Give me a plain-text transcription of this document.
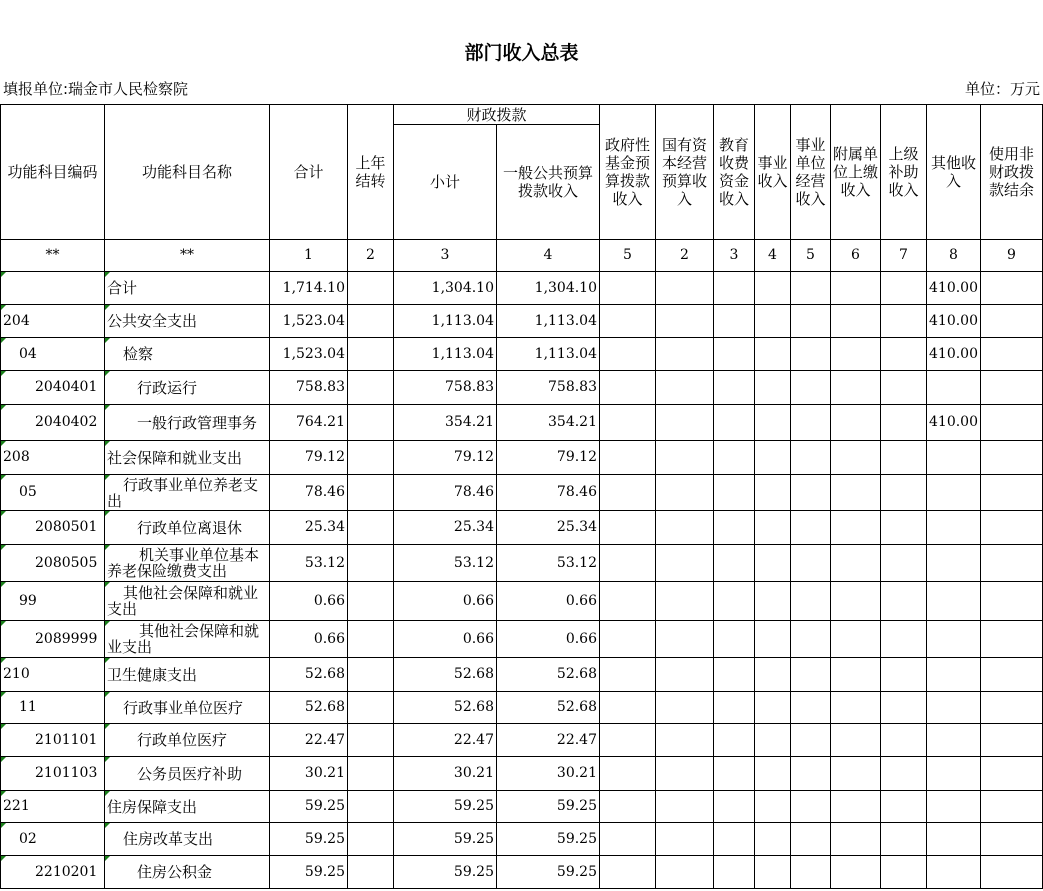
部门收入总表
填报单位:瑞金市人民检察院	单位：万元
功能科目编码	功能科目名称	合计	上年结转	财政拨款		政府性基金预算拨款收入	国有资本经营预算收入	教育收费资金收入	事业收入	事业单位经营收入	附属单位上缴收入	上级补助收入	其他收入	使用非财政拨款结余
				小计	一般公共预算拨款收入									
**	**	1	2	3	4	5	2	3	4	5	6	7	8	9
	合计	1,714.10		1,304.10	1,304.10								410.00	
204	公共安全支出	1,523.04		1,113.04	1,113.04								410.00	
04	检察	1,523.04		1,113.04	1,113.04								410.00	
2040401	行政运行	758.83		758.83	758.83									
2040402	一般行政管理事务	764.21		354.21	354.21								410.00	
208	社会保障和就业支出	79.12		79.12	79.12									
05	行政事业单位养老支出	78.46		78.46	78.46									
2080501	行政单位离退休	25.34		25.34	25.34									
2080505	机关事业单位基本养老保险缴费支出	53.12		53.12	53.12									
99	其他社会保障和就业支出	0.66		0.66	0.66									
2089999	其他社会保障和就业支出	0.66		0.66	0.66									
210	卫生健康支出	52.68		52.68	52.68									
11	行政事业单位医疗	52.68		52.68	52.68									
2101101	行政单位医疗	22.47		22.47	22.47									
2101103	公务员医疗补助	30.21		30.21	30.21									
221	住房保障支出	59.25		59.25	59.25									
02	住房改革支出	59.25		59.25	59.25									
2210201	住房公积金	59.25		59.25	59.25									
